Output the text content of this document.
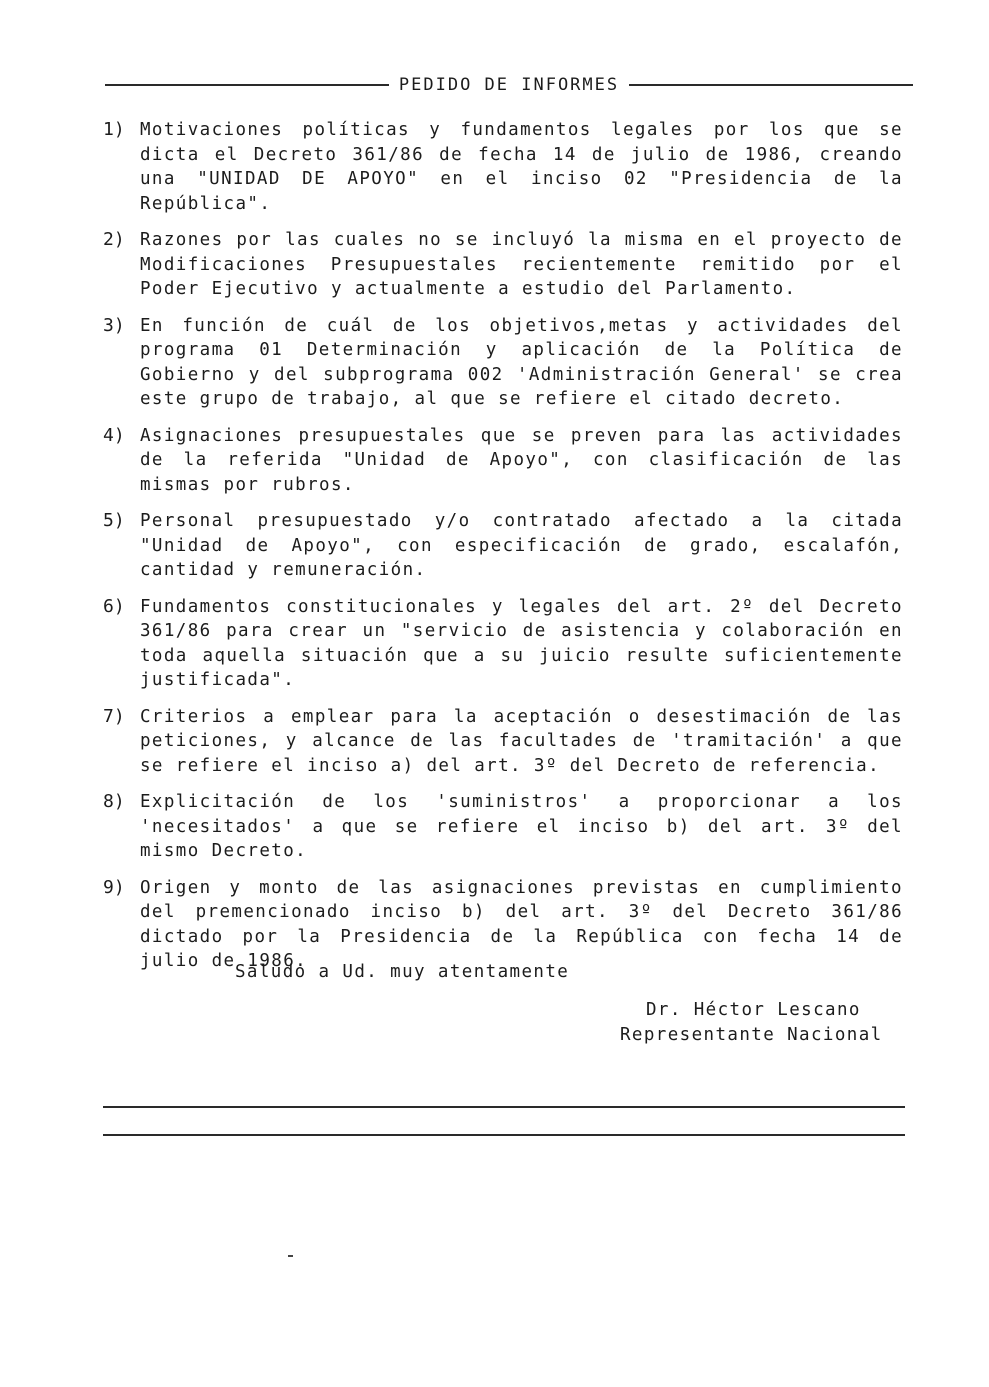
PEDIDO DE INFORMES
1) Motivaciones políticas y fundamentos legales por los que se dicta el Decreto 361/86 de fecha 14 de julio de 1986, creando una "UNIDAD DE APOYO" en el inciso 02 "Presidencia de la República".
2) Razones por las cuales no se incluyó la misma en el proyecto de Modificaciones Presupuestales recientemente remitido por el Poder Ejecutivo y actualmente a estudio del Parlamento.
3) En función de cuál de los objetivos,metas y actividades del programa 01 Determinación y aplicación de la Política de Gobierno y del subprograma 002 'Administración General' se crea este grupo de trabajo, al que se refiere el citado decreto.
4) Asignaciones presupuestales que se preven para las actividades de la referida "Unidad de Apoyo", con clasificación de las mismas por rubros.
5) Personal presupuestado y/o contratado afectado a la citada "Unidad de Apoyo", con especificación de grado, escalafón, cantidad y remuneración.
6) Fundamentos constitucionales y legales del art. 2º del Decreto 361/86 para crear un "servicio de asistencia y colaboración en toda aquella situación que a su juicio resulte suficientemente justificada".
7) Criterios a emplear para la aceptación o desestimación de las peticiones, y alcance de las facultades de 'tramitación' a que se refiere el inciso a) del art. 3º del Decreto de referencia.
8) Explicitación de los 'suministros' a proporcionar a los 'necesitados' a que se refiere el inciso b) del art. 3º del mismo Decreto.
9) Origen y monto de las asignaciones previstas en cumplimiento del premencionado inciso b) del art. 3º del Decreto 361/86 dictado por la Presidencia de la República con fecha 14 de julio de 1986.
Saludo a Ud. muy atentamente
Dr. Héctor Lescano
Representante Nacional
